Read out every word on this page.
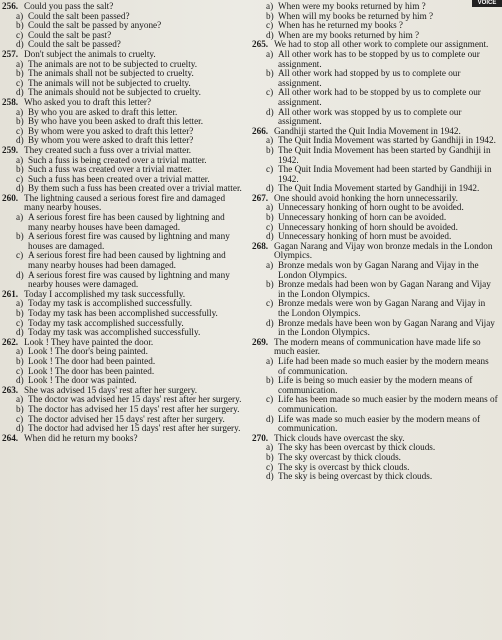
VOICE
256. Could you pass the salt?
a) Could the salt been passed?
b) Could the salt be passed by anyone?
c) Could the salt be past?
d) Could the salt be passed?
257. Don't subject the animals to cruelty.
a) The animals are not to be subjected to cruelty.
b) The animals shall not be subjected to cruelty.
c) The animals will not be subjected to cruelty.
d) The animals should not be subjected to cruelty.
258. Who asked you to draft this letter?
a) By who you are asked to draft this letter.
b) By who have you been asked to draft this letter.
c) By whom were you asked to draft this letter?
d) By whom you were asked to draft this letter?
259. They created such a fuss over a trivial matter.
a) Such a fuss is being created over a trivial matter.
b) Such a fuss was created over a trivial matter.
c) Such a fuss has been created over a trivial matter.
d) By them such a fuss has been created over a trivial matter.
260. The lightning caused a serious forest fire and damaged many nearby houses.
a) A serious forest fire has been caused by lightning and many nearby houses have been damaged.
b) A serious forest fire was caused by lightning and many houses are damaged.
c) A serious forest fire had been caused by lightning and many nearby houses had been damaged.
d) A serious forest fire was caused by lightning and many nearby houses were damaged.
261. Today I accomplished my task successfully.
a) Today my task is accomplished successfully.
b) Today my task has been accomplished successfully.
c) Today my task accomplished successfully.
d) Today my task was accomplished successfully.
262. Look ! They have painted the door.
a) Look ! The door's being painted.
b) Look ! The door had been painted.
c) Look ! The door has been painted.
d) Look ! The door was painted.
263. She was advised 15 days' rest after her surgery.
a) The doctor was advised her 15 days' rest after her surgery.
b) The doctor has advised her 15 days' rest after her surgery.
c) The doctor advised her 15 days' rest after her surgery.
d) The doctor had advised her 15 days' rest after her surgery.
264. When did he return my books?
a) When were my books returned by him ?
b) When will my books be returned by him ?
c) When has he returned my books ?
d) When are my books returned by him ?
265. We had to stop all other work to complete our assignment.
a) All other work has to be stopped by us to complete our assignment.
b) All other work had stopped by us to complete our assignment.
c) All other work had to be stopped by us to complete our assignment.
d) All other work was stopped by us to complete our assignment.
266. Gandhiji started the Quit India Movement in 1942.
a) The Quit India Movement was started by Gandhiji in 1942.
b) The Quit India Movement has been started by Gandhiji in 1942.
c) The Quit India Movement had been started by Gandhiji in 1942.
d) The Quit India Movement started by Gandhiji in 1942.
267. One should avoid honking the horn unnecessarily.
a) Unnecessary honking of horn ought to be avoided.
b) Unnecessary honking of horn can be avoided.
c) Unnecessary honking of horn should be avoided.
d) Unnecessary honking of horn must be avoided.
268. Gagan Narang and Vijay won bronze medals in the London Olympics.
a) Bronze medals won by Gagan Narang and Vijay in the London Olympics.
b) Bronze medals had been won by Gagan Narang and Vijay in the London Olympics.
c) Bronze medals were won by Gagan Narang and Vijay in the London Olympics.
d) Bronze medals have been won by Gagan Narang and Vijay in the London Olympics.
269. The modern means of communication have made life so much easier.
a) Life had been made so much easier by the modern means of communication.
b) Life is being so much easier by the modern means of communication.
c) Life has been made so much easier by the modern means of communication.
d) Life was made so much easier by the modern means of communication.
270. Thick clouds have overcast the sky.
a) The sky has been overcast by thick clouds.
b) The sky overcast by thick clouds.
c) The sky is overcast by thick clouds.
d) The sky is being overcast by thick clouds.
